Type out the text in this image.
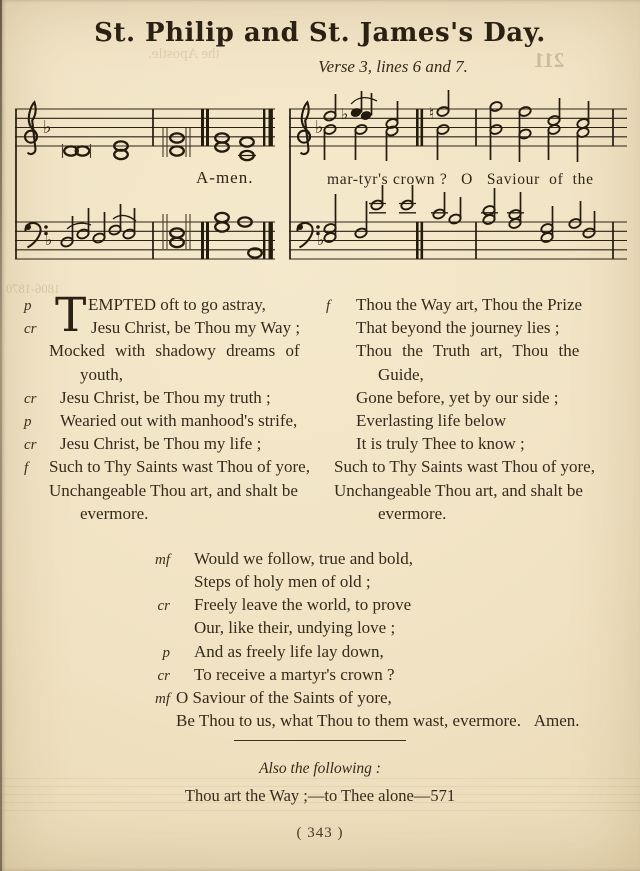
211
the Apostle.
1806-1870
St. Philip and St. James's Day.
Verse 3, lines 6 and 7.
♭
♭
A-men.
♭
♭
♭	♮
mar-tyr's crown ?   O   Saviour  of  the
T
p	EMPTED oft to go astray,
cr	Jesu Christ, be Thou my Way ;
Mocked with shadowy dreams of
youth,
cr	Jesu Christ, be Thou my truth ;
p	Wearied out with manhood's strife,
cr	Jesu Christ, be Thou my life ;
f	Such to Thy Saints wast Thou of yore,
Unchangeable Thou art, and shalt be
evermore.
f	Thou the Way art, Thou the Prize
That beyond the journey lies ;
Thou the Truth art, Thou the
Guide,
Gone before, yet by our side ;
Everlasting life below
It is truly Thee to know ;
Such to Thy Saints wast Thou of yore,
Unchangeable Thou art, and shalt be
evermore.
mf	Would we follow, true and bold,
Steps of holy men of old ;
cr	Freely leave the world, to prove
Our, like their, undying love ;
p	And as freely life lay down,
cr	To receive a martyr's crown ?
mf O Saviour of the Saints of yore,
Be Thou to us, what Thou to them wast, evermore.   Amen.
Also the following :
Thou art the Way ;—to Thee alone—571
( 343 )
